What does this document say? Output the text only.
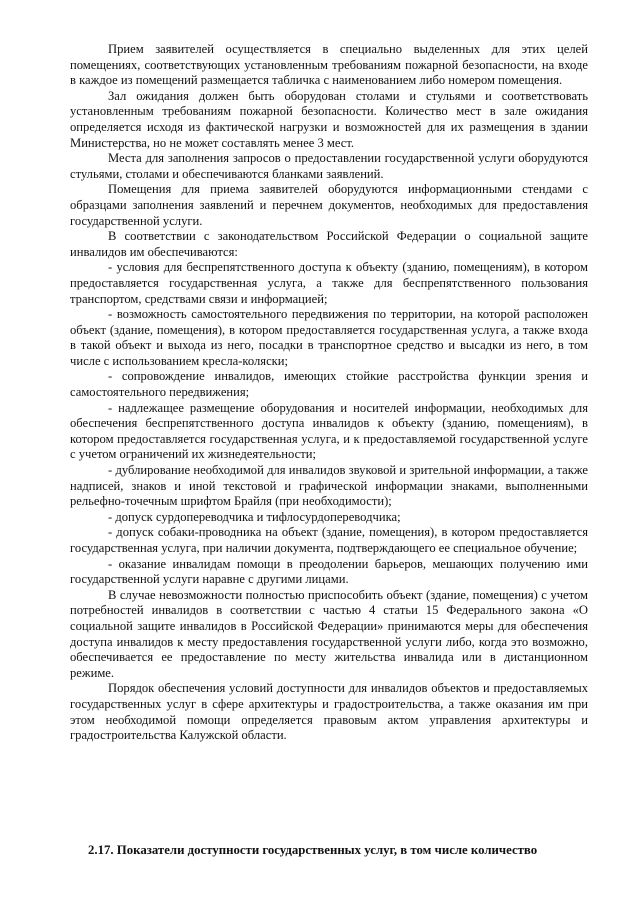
Прием заявителей осуществляется в специально выделенных для этих целей помещениях, соответствующих установленным требованиям пожарной безопасности, на входе в каждое из помещений размещается табличка с наименованием либо номером помещения.

Зал ожидания должен быть оборудован столами и стульями и соответствовать установленным требованиям пожарной безопасности. Количество мест в зале ожидания определяется исходя из фактической нагрузки и возможностей для их размещения в здании Министерства, но не может составлять менее 3 мест.

Места для заполнения запросов о предоставлении государственной услуги оборудуются стульями, столами и обеспечиваются бланками заявлений.

Помещения для приема заявителей оборудуются информационными стендами с образцами заполнения заявлений и перечнем документов, необходимых для предоставления государственной услуги.

В соответствии с законодательством Российской Федерации о социальной защите инвалидов им обеспечиваются:

- условия для беспрепятственного доступа к объекту (зданию, помещениям), в котором предоставляется государственная услуга, а также для беспрепятственного пользования транспортом, средствами связи и информацией;

- возможность самостоятельного передвижения по территории, на которой расположен объект (здание, помещения), в котором предоставляется государственная услуга, а также входа в такой объект и выхода из него, посадки в транспортное средство и высадки из него, в том числе с использованием кресла-коляски;

- сопровождение инвалидов, имеющих стойкие расстройства функции зрения и самостоятельного передвижения;

- надлежащее размещение оборудования и носителей информации, необходимых для обеспечения беспрепятственного доступа инвалидов к объекту (зданию, помещениям), в котором предоставляется государственная услуга, и к предоставляемой государственной услуге с учетом ограничений их жизнедеятельности;

- дублирование необходимой для инвалидов звуковой и зрительной информации, а также надписей, знаков и иной текстовой и графической информации знаками, выполненными рельефно-точечным шрифтом Брайля (при необходимости);

- допуск сурдопереводчика и тифлосурдопереводчика;

- допуск собаки-проводника на объект (здание, помещения), в котором предоставляется государственная услуга, при наличии документа, подтверждающего ее специальное обучение;

- оказание инвалидам помощи в преодолении барьеров, мешающих получению ими государственной услуги наравне с другими лицами.

В случае невозможности полностью приспособить объект (здание, помещения) с учетом потребностей инвалидов в соответствии с частью 4 статьи 15 Федерального закона «О социальной защите инвалидов в Российской Федерации» принимаются меры для обеспечения доступа инвалидов к месту предоставления государственной услуги либо, когда это возможно, обеспечивается ее предоставление по месту жительства инвалида или в дистанционном режиме.

Порядок обеспечения условий доступности для инвалидов объектов и предоставляемых государственных услуг в сфере архитектуры и градостроительства, а также оказания им при этом необходимой помощи определяется правовым актом управления архитектуры и градостроительства Калужской области.

2.17. Показатели доступности государственных услуг, в том числе количество
